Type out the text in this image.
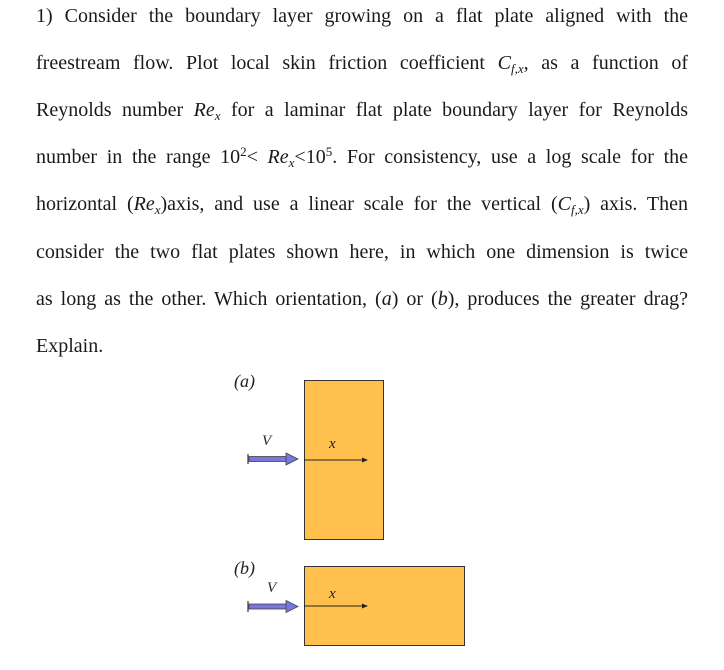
1) Consider the boundary layer growing on a flat plate aligned with the
freestream flow. Plot local skin friction coefficient $C_{f,x}$, as a function of
Reynolds number $Re_x$ for a laminar flat plate boundary layer for Reynolds
number in the range $10^2< Re_x<10^5$. For consistency, use a log scale for the
horizontal $(Re_x)axis$, and use a linear scale for the vertical $(C_{f,x})$ axis. Then
consider the two flat plates shown here, in which one dimension is twice
as long as the other. Which orientation, (a) or (b), produces the greater drag?
Explain.
(a)
V	x
(b)
V	x
